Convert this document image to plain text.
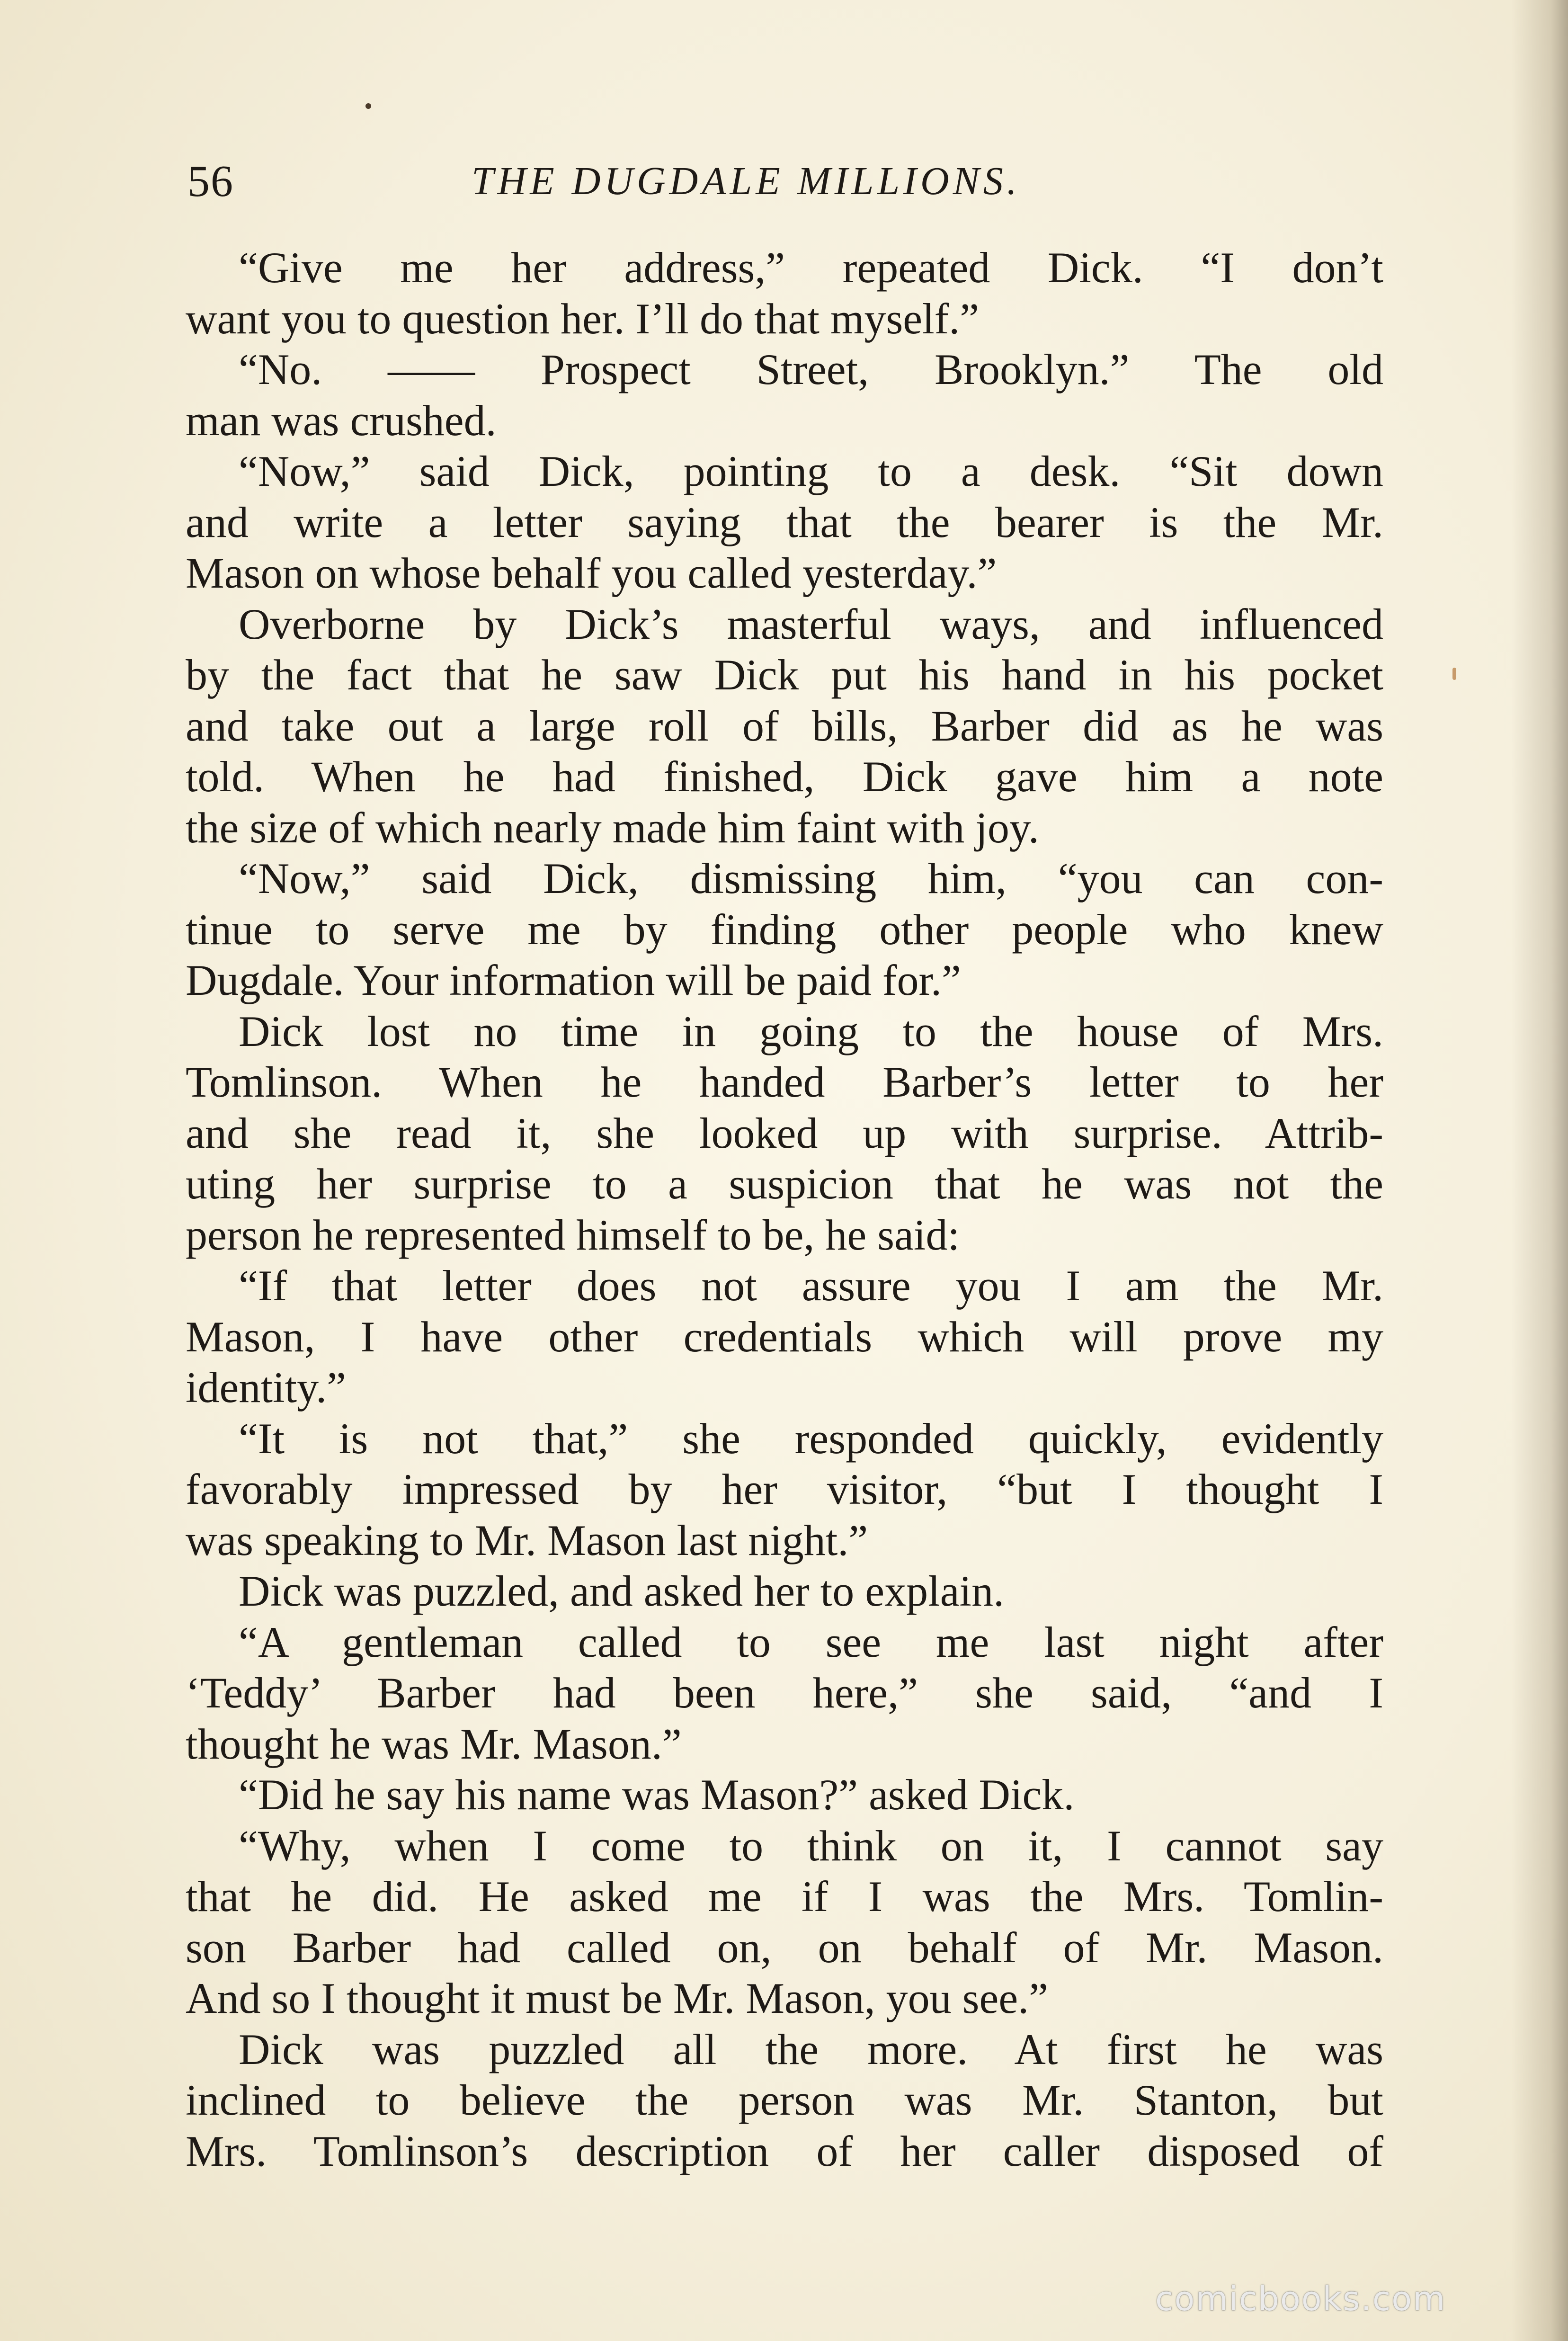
56	THE DUGDALE MILLIONS.
“Give me her address,” repeated Dick. “I don’t
want you to question her. I’ll do that myself.”
“No. —— Prospect Street, Brooklyn.” The old
man was crushed.
“Now,” said Dick, pointing to a desk. “Sit down
and write a letter saying that the bearer is the Mr.
Mason on whose behalf you called yesterday.”
Overborne by Dick’s masterful ways, and influenced
by the fact that he saw Dick put his hand in his pocket
and take out a large roll of bills, Barber did as he was
told. When he had finished, Dick gave him a note
the size of which nearly made him faint with joy.
“Now,” said Dick, dismissing him, “you can con-
tinue to serve me by finding other people who knew
Dugdale. Your information will be paid for.”
Dick lost no time in going to the house of Mrs.
Tomlinson. When he handed Barber’s letter to her
and she read it, she looked up with surprise. Attrib-
uting her surprise to a suspicion that he was not the
person he represented himself to be, he said:
“If that letter does not assure you I am the Mr.
Mason, I have other credentials which will prove my
identity.”
“It is not that,” she responded quickly, evidently
favorably impressed by her visitor, “but I thought I
was speaking to Mr. Mason last night.”
Dick was puzzled, and asked her to explain.
“A gentleman called to see me last night after
‘Teddy’ Barber had been here,” she said, “and I
thought he was Mr. Mason.”
“Did he say his name was Mason?” asked Dick.
“Why, when I come to think on it, I cannot say
that he did. He asked me if I was the Mrs. Tomlin-
son Barber had called on, on behalf of Mr. Mason.
And so I thought it must be Mr. Mason, you see.”
Dick was puzzled all the more. At first he was
inclined to believe the person was Mr. Stanton, but
Mrs. Tomlinson’s description of her caller disposed of
comicbooks.com
